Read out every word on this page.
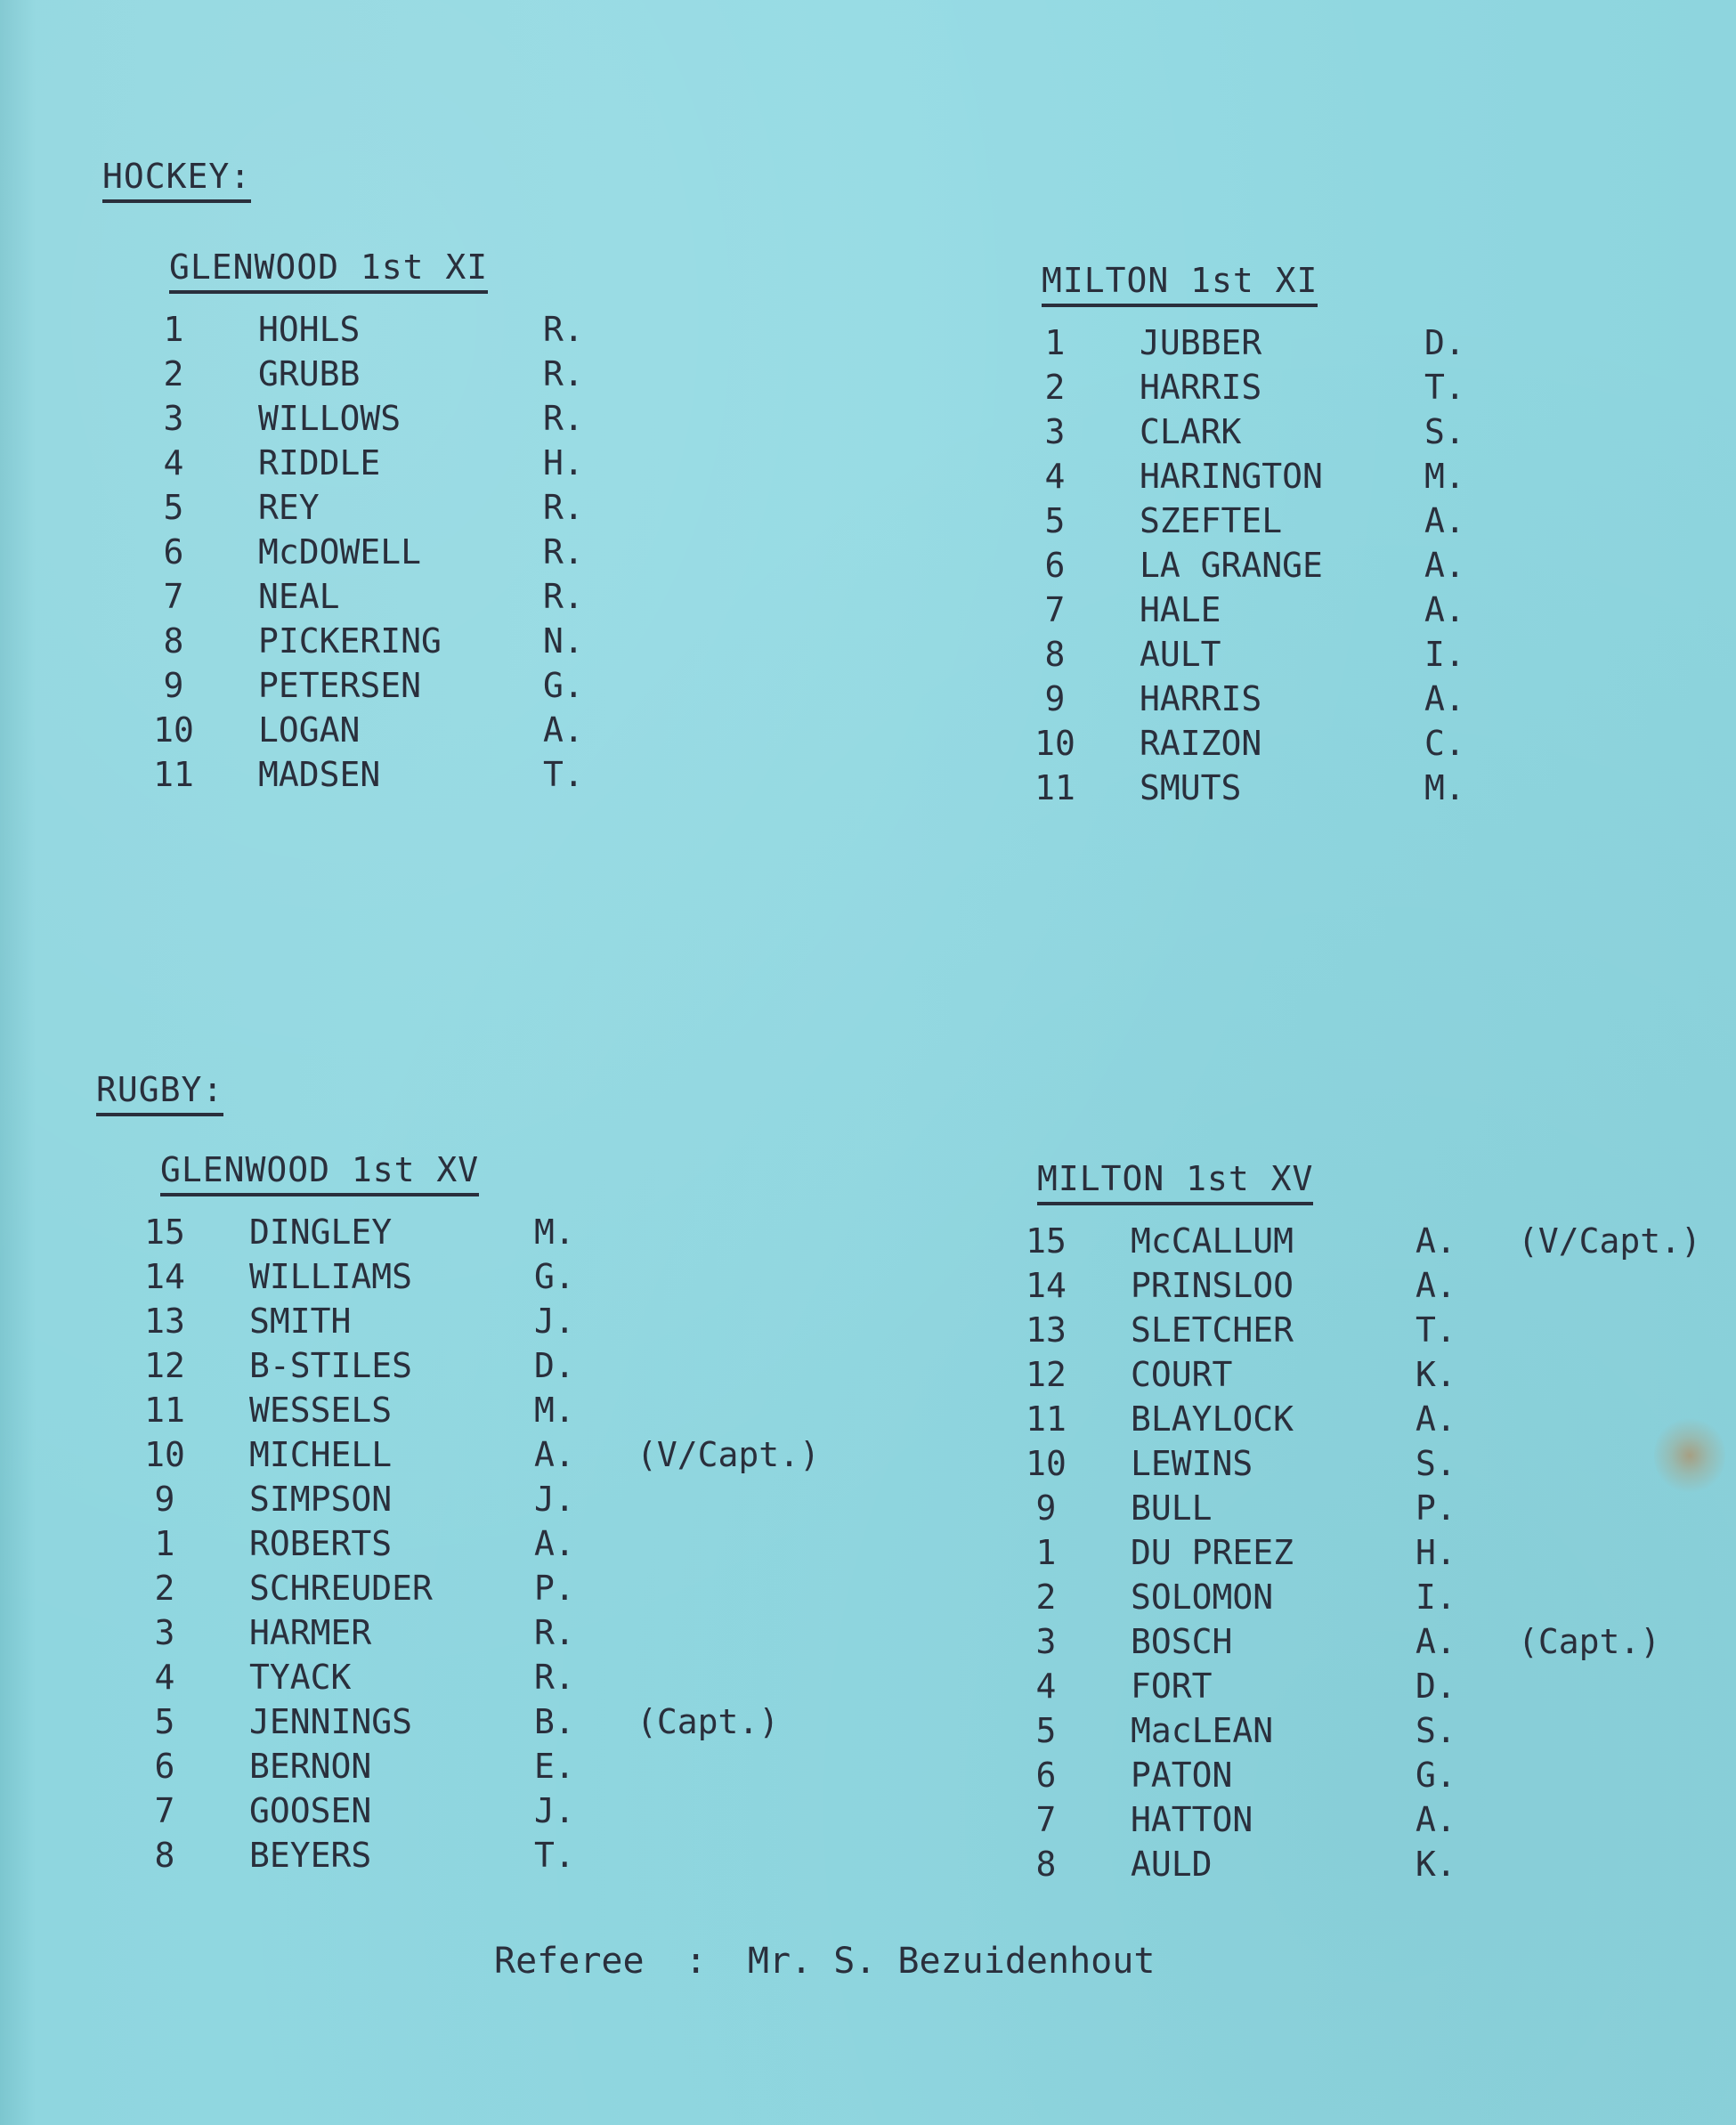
HOCKEY:
GLENWOOD 1st XI
1	HOHLS	R.
2	GRUBB	R.
3	WILLOWS	R.
4	RIDDLE	H.
5	REY	R.
6	McDOWELL	R.
7	NEAL	R.
8	PICKERING	N.
9	PETERSEN	G.
10	LOGAN	A.
11	MADSEN	T.
MILTON 1st XI
1	JUBBER	D.
2	HARRIS	T.
3	CLARK	S.
4	HARINGTON	M.
5	SZEFTEL	A.
6	LA GRANGE	A.
7	HALE	A.
8	AULT	I.
9	HARRIS	A.
10	RAIZON	C.
11	SMUTS	M.
RUGBY:
GLENWOOD 1st XV
15	DINGLEY	M.
14	WILLIAMS	G.
13	SMITH	J.
12	B-STILES	D.
11	WESSELS	M.
10	MICHELL	A. (V/Capt.)
9	SIMPSON	J.
1	ROBERTS	A.
2	SCHREUDER	P.
3	HARMER	R.
4	TYACK	R.
5	JENNINGS	B. (Capt.)
6	BERNON	E.
7	GOOSEN	J.
8	BEYERS	T.
MILTON 1st XV
15	McCALLUM	A. (V/Capt.)
14	PRINSLOO	A.
13	SLETCHER	T.
12	COURT	K.
11	BLAYLOCK	A.
10	LEWINS	S.
9	BULL	P.
1	DU PREEZ	H.
2	SOLOMON	I.
3	BOSCH	A. (Capt.)
4	FORT	D.
5	MacLEAN	S.
6	PATON	G.
7	HATTON	A.
8	AULD	K.
Referee : Mr. S. Bezuidenhout
